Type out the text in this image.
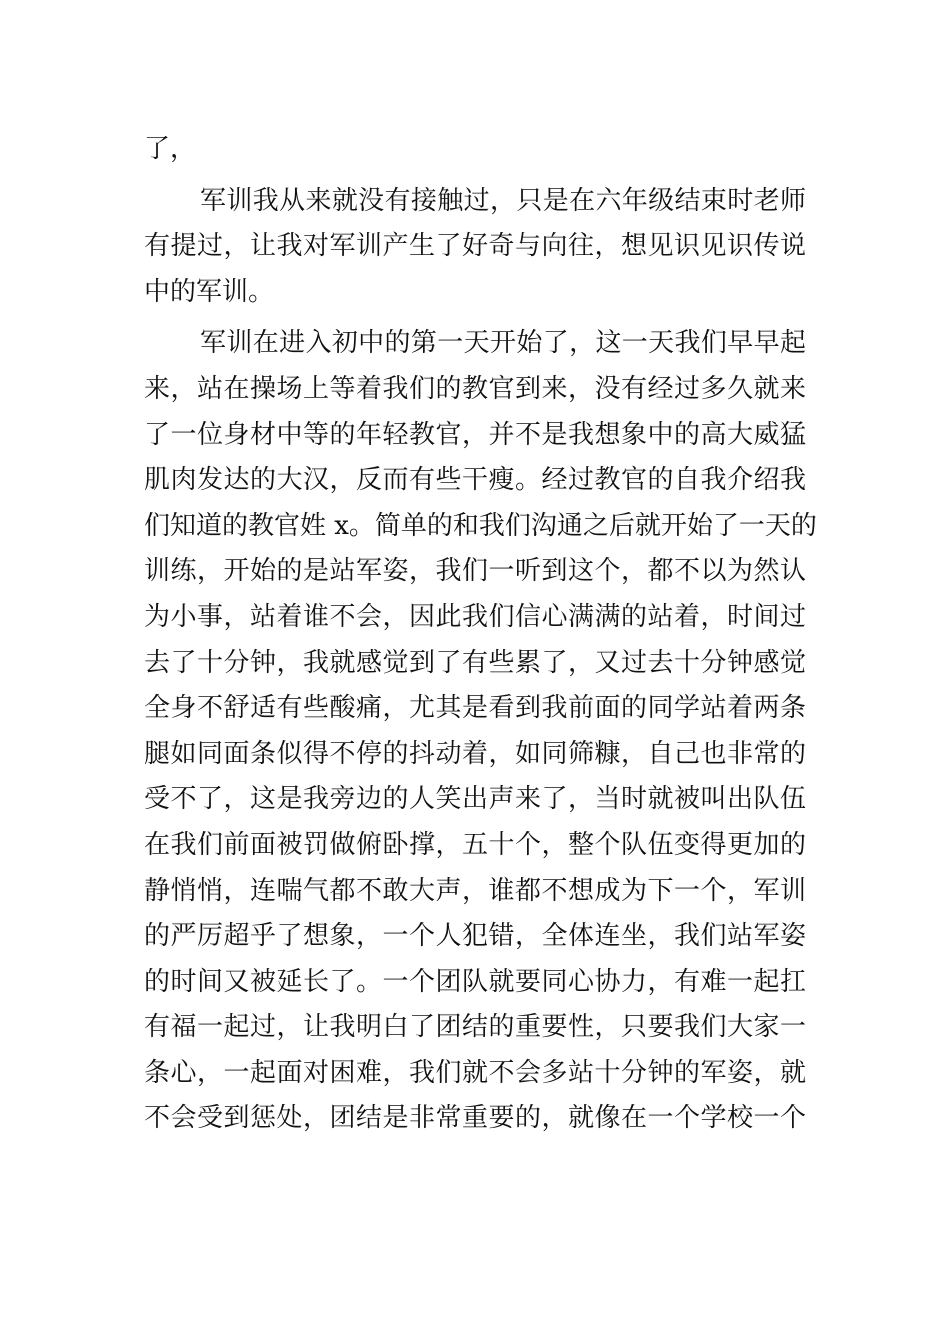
了，
军训我从来就没有接触过，只是在六年级结束时老师
有提过，让我对军训产生了好奇与向往，想见识见识传说
中的军训。
军训在进入初中的第一天开始了，这一天我们早早起
来，站在操场上等着我们的教官到来，没有经过多久就来
了一位身材中等的年轻教官，并不是我想象中的高大威猛
肌肉发达的大汉，反而有些干瘦。经过教官的自我介绍我
们知道的教官姓 x。简单的和我们沟通之后就开始了一天的
训练，开始的是站军姿，我们一听到这个，都不以为然认
为小事，站着谁不会，因此我们信心满满的站着，时间过
去了十分钟，我就感觉到了有些累了，又过去十分钟感觉
全身不舒适有些酸痛，尤其是看到我前面的同学站着两条
腿如同面条似得不停的抖动着，如同筛糠，自己也非常的
受不了，这是我旁边的人笑出声来了，当时就被叫出队伍
在我们前面被罚做俯卧撑，五十个，整个队伍变得更加的
静悄悄，连喘气都不敢大声，谁都不想成为下一个，军训
的严厉超乎了想象，一个人犯错，全体连坐，我们站军姿
的时间又被延长了。一个团队就要同心协力，有难一起扛
有福一起过，让我明白了团结的重要性，只要我们大家一
条心，一起面对困难，我们就不会多站十分钟的军姿，就
不会受到惩处，团结是非常重要的，就像在一个学校一个
